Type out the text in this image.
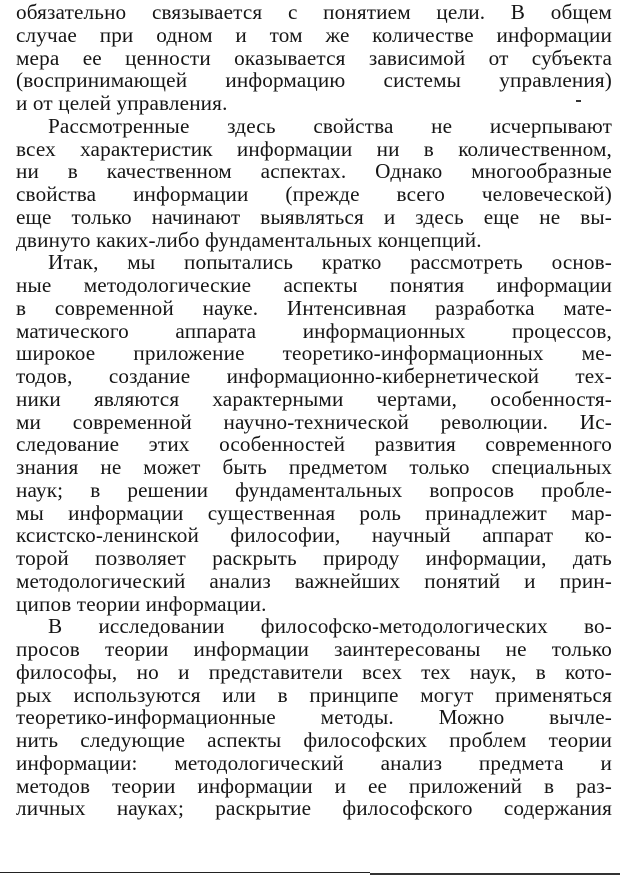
обязательно связывается с понятием цели. В общем
случае при одном и том же количестве информации
мера ее ценности оказывается зависимой от субъекта
(воспринимающей информацию системы управления)
и от целей управления.
Рассмотренные здесь свойства не исчерпывают
всех характеристик информации ни в количественном,
ни в качественном аспектах. Однако многообразные
свойства информации (прежде всего человеческой)
еще только начинают выявляться и здесь еще не вы-
двинуто каких-либо фундаментальных концепций.
Итак, мы попытались кратко рассмотреть основ-
ные методологические аспекты понятия информации
в современной науке. Интенсивная разработка мате-
матического аппарата информационных процессов,
широкое приложение теоретико-информационных ме-
тодов, создание информационно-кибернетической тех-
ники являются характерными чертами, особенностя-
ми современной научно-технической революции. Ис-
следование этих особенностей развития современного
знания не может быть предметом только специальных
наук; в решении фундаментальных вопросов пробле-
мы информации существенная роль принадлежит мар-
ксистско-ленинской философии, научный аппарат ко-
торой позволяет раскрыть природу информации, дать
методологический анализ важнейших понятий и прин-
ципов теории информации.
В исследовании философско-методологических во-
просов теории информации заинтересованы не только
философы, но и представители всех тех наук, в кото-
рых используются или в принципе могут применяться
теоретико-информационные методы. Можно вычле-
нить следующие аспекты философских проблем теории
информации: методологический анализ предмета и
методов теории информации и ее приложений в раз-
личных науках; раскрытие философского содержания
